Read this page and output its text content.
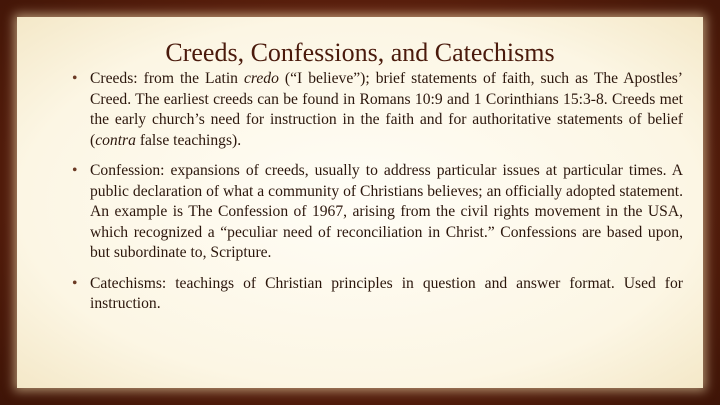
Creeds, Confessions, and Catechisms
• Creeds: from the Latin credo (“I believe”); brief statements of faith, such as The Apostles’ Creed. The earliest creeds can be found in Romans 10:9 and 1 Corinthians 15:3-8. Creeds met the early church’s need for instruction in the faith and for authoritative statements of belief (contra false teachings).
• Confession: expansions of creeds, usually to address particular issues at particular times. A public declaration of what a community of Christians believes; an officially adopted statement. An example is The Confession of 1967, arising from the civil rights movement in the USA, which recognized a “peculiar need of reconciliation in Christ.” Confessions are based upon, but subordinate to, Scripture.
• Catechisms: teachings of Christian principles in question and answer format. Used for instruction.
